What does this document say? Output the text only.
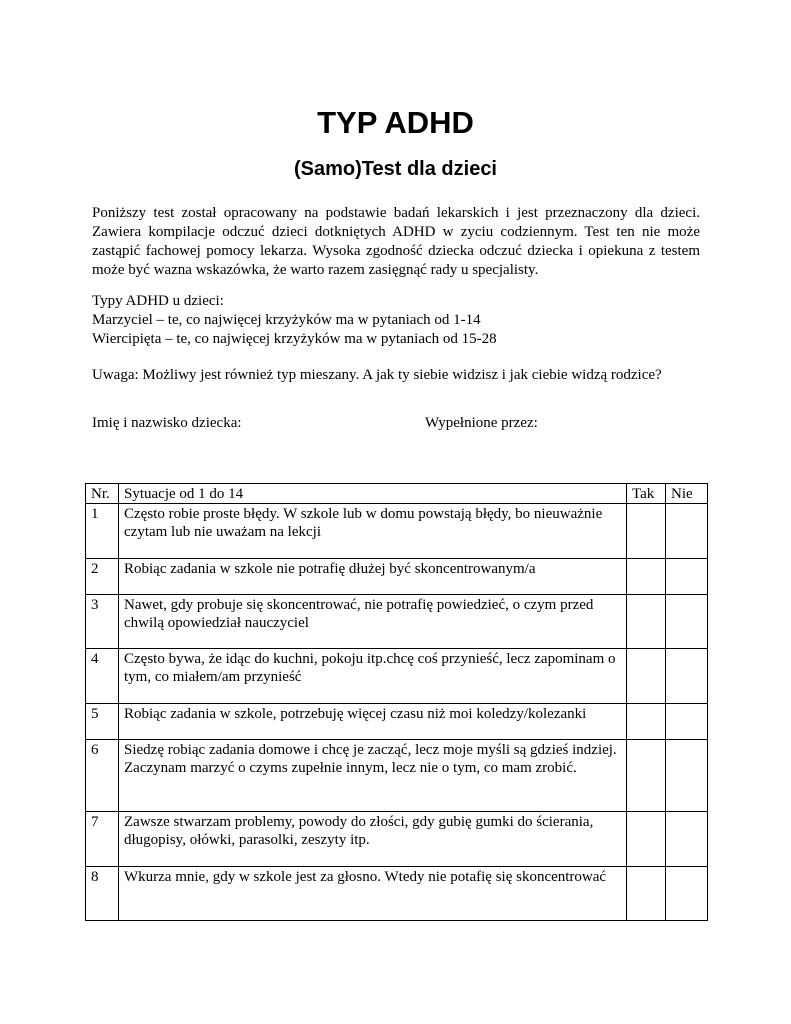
TYP ADHD
(Samo)Test dla dzieci

Poniższy test został opracowany na podstawie badań lekarskich i jest przeznaczony dla dzieci. Zawiera kompilacje odczuć dzieci dotkniętych ADHD w zyciu codziennym. Test ten nie może zastąpić fachowej pomocy lekarza. Wysoka zgodność dziecka odczuć dziecka i opiekuna z testem może być wazna wskazówka, że warto razem zasięgnąć rady u specjalisty.

Typy ADHD u dzieci:
Marzyciel – te, co najwięcej krzyżyków ma w pytaniach od 1-14
Wiercipięta – te, co najwięcej krzyżyków ma w pytaniach od 15-28
Uwaga: Możliwy jest również typ mieszany. A jak ty siebie widzisz i jak ciebie widzą rodzice?
Imię i nazwisko dziecka:	Wypełnione przez:
Nr.	Sytuacje od 1 do 14	Tak	Nie
1	Często robie proste błędy. W szkole lub w domu powstają błędy, bo nieuważnie czytam lub nie uważam na lekcji		
2	Robiąc zadania w szkole nie potrafię dłużej być skoncentrowanym/a		
3	Nawet, gdy probuje się skoncentrować, nie potrafię powiedzieć, o czym przed chwilą opowiedział nauczyciel		
4	Często bywa, że idąc do kuchni, pokoju itp.chcę coś przynieść, lecz zapominam o tym, co miałem/am przynieść		
5	Robiąc zadania w szkole, potrzebuję więcej czasu niż moi koledzy/kolezanki		
6	Siedzę robiąc zadania domowe i chcę je zacząć, lecz moje myśli są gdzieś indziej. Zaczynam marzyć o czyms zupełnie innym, lecz nie o tym, co mam zrobić.		
7	Zawsze stwarzam problemy, powody do złości, gdy gubię gumki do ścierania, długopisy, ołówki, parasolki, zeszyty itp.		
8	Wkurza mnie, gdy w szkole jest za głosno. Wtedy nie potafię się skoncentrować		
